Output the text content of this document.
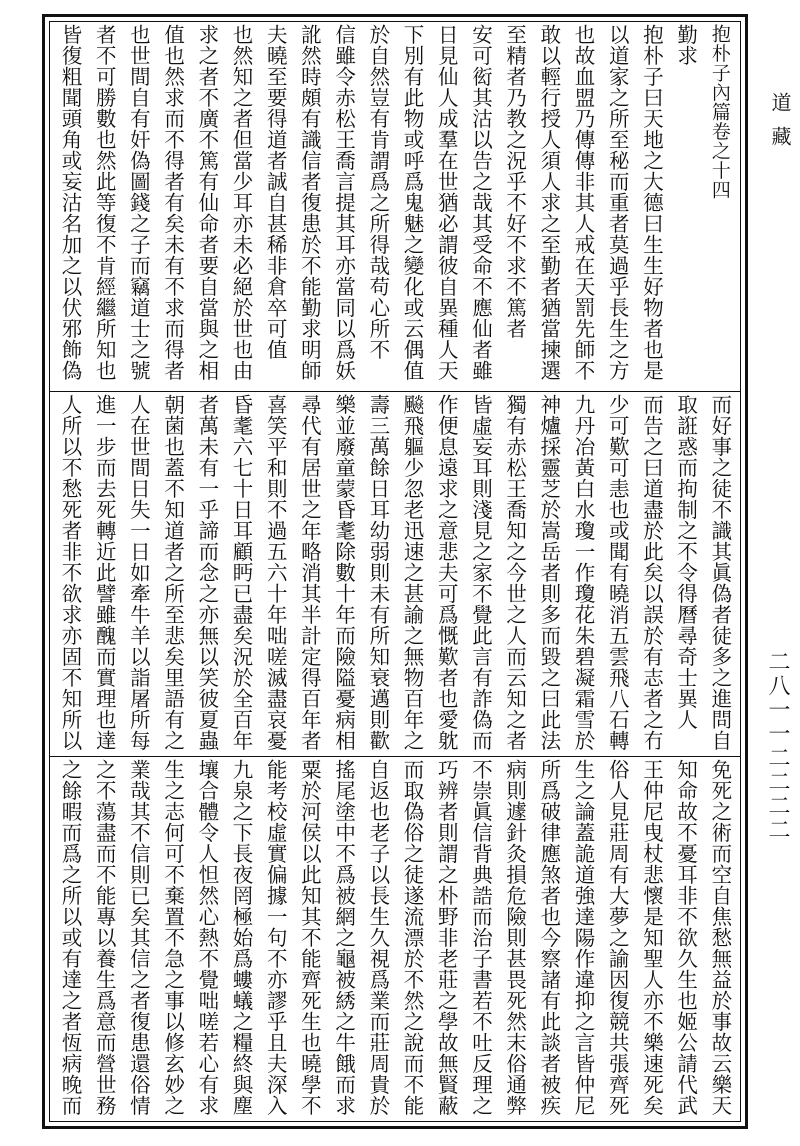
抱朴子內篇卷之十四
勤求
抱朴子曰天地之大德曰生生好物者也是
以道家之所至秘而重者莫過乎長生之方
也故血盟乃傳傳非其人戒在天罰先師不
敢以輕行授人須人求之至勤者猶當揀選
至精者乃教之況乎不好不求不篤者
安可衒其沽以告之哉其受命不應仙者雖
日見仙人成羣在世猶必謂彼自異種人天
下別有此物或呼爲鬼魅之變化或云偶值
於自然豈有肯謂爲之所得哉苟心所不
信雖令赤松王喬言提其耳亦當同以爲妖
訛然時頗有識信者復患於不能勤求明師
夫曉至要得道者誠自甚稀非倉卒可值
也然知之者但當少耳亦未必絕於世也由
求之者不廣不篤有仙命者要自當與之相
值也然求而不得者有矣未有不求而得者
也世間自有奸偽圖錢之子而竊道士之號
者不可勝數也然此等復不肯經繼所知也
皆復粗聞頭角或妄沽名加之以伏邪飾偽
而好事之徒不識其眞偽者徒多之進問自
取誑惑而拘制之不令得曆尋奇士異人
而告之曰道盡於此矣以誤於有志者之冇
少可歎可恚也或聞有曉消五雲飛八石轉
九丹冶黃白水瓊一作瓊花朱碧凝霜雪於
神爐採靈芝於嵩岳者則多而毀之曰此法
獨有赤松王喬知之今世之人而云知之者
皆虛妄耳則淺見之家不覺此言有詐偽而
作便息遠求之意悲夫可爲慨歎者也愛躭
飈飛軀少忽老迅速之甚諭之無物百年之
壽三萬餘日耳幼弱則未有所知衰邁則歡
樂並廢童蒙昏耄除數十年而險隘憂病相
尋代有居世之年略消其半計定得百年者
喜笑平和則不過五六十年咄嗟滅盡哀憂
昏耄六七十日耳顧眄已盡矣況於全百年
者萬未有一乎諦而念之亦無以笑彼夏蟲
朝菌也蓋不知道者之所至悲矣里語有之
人在世間日失一日如牽牛羊以詣屠所每
進一步而去死轉近此譬雖醜而實理也達
人所以不愁死者非不欲求亦固不知所以
免死之術而空自焦愁無益於事故云樂天
知命故不憂耳非不欲久生也姬公請代武
王仲尼曳杖悲懷是知聖人亦不樂速死矣
俗人見莊周有大夢之諭因復競共張齊死
生之論蓋詭道強達陽作違抑之言皆仲尼
所爲破律應煞者也今察諸有此談者被疾
病則遽針灸損危險則甚畏死然末俗通弊
不崇眞信背典誥而治子書若不吐反理之
巧辨者則謂之朴野非老莊之學故無賢蔽
而取偽俗之徒遂流漂於不然之說而不能
自返也老子以長生久視爲業而莊周貴於
搖尾塗中不爲被網之龜被綉之牛餓而求
粟於河侯以此知其不能齊死生也曉學不
能考校虛實偏據一句不亦謬乎且夫深入
九泉之下長夜罔極始爲螻蟻之糧終與塵
壤合體令人怛然心熱不覺咄嗟若心有求
生之志何可不棄置不急之事以修玄妙之
業哉其不信則已矣其信之者復患還俗情
之不蕩盡而不能專以養生爲意而營世務
之餘暇而爲之所以或有達之者恆病晚而
道藏
二八一一二二二二
